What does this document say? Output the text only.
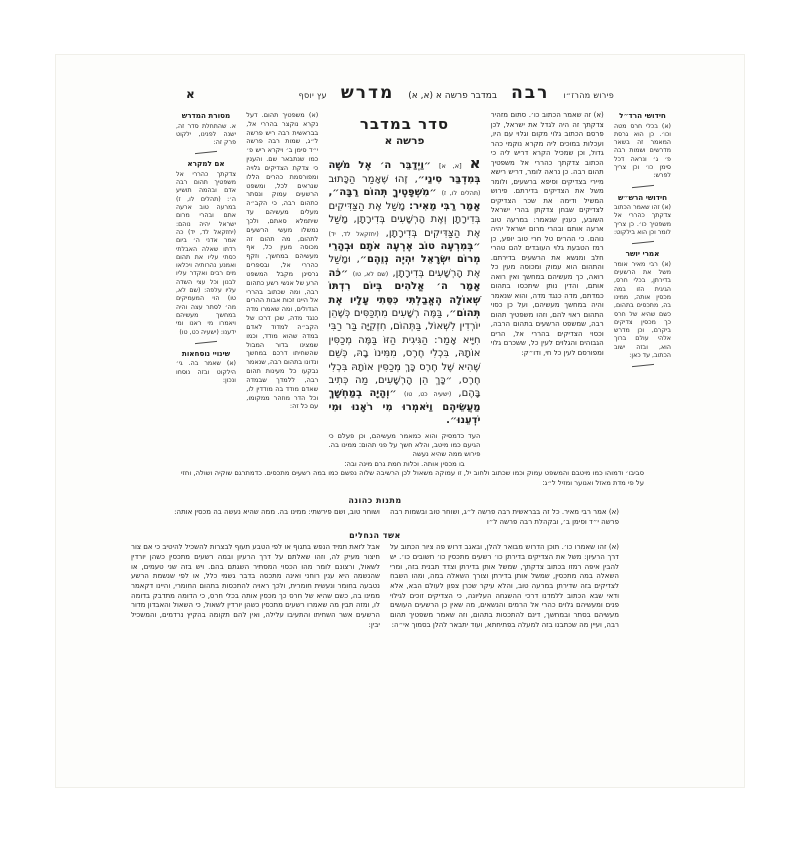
פירוש מהרז״ו
רבה
במדבר פרשה א (א, א)
מדרש
עץ יוסף
א
חידושי הרד״ל
(א) בכלי חרס מטה וכו׳. כן הוא גרסת המאמר זה בשאר מדרשים ושמות רבה פ׳ ג׳ ונראה דכל סימן כו׳ וכן צריך לפרש:
חידושי הרש״ש
(א) זהו שאמר הכתוב צדקתך כהררי אל משפטיך כו׳. כן צריך לומר וכן הוא בילקוט:
אמרי יושר
(א) רבי מאיר אומר משל את הרשעים בדירתן, בכלי חרס, הגיגית הזו במה מכסין אותה, ממינו בה, מתכסים בתהום, כשם שהיא של חרס כך מכסין צדיקים ביקרם, וכן מדרש אלהי עולם ברוך הוא, ובזה ישוב הכתוב, עד כאן:
(א) זה שאמר הכתוב כו׳. סתום מזהיר צדקתך זה היה לגדל את ישראל, לכן פרסם הכתוב גלוי מקום וגלוי עם היו, ועכלות במוכים ליה מקרא נוקמי כהר גדול, וכן שמכיל הקרא דריש ליה כי הכתוב צדקתך כהררי אל משפטיך תהום רבה. כן נראה לומר, דריש רישא מיירי בצדיקים וסיפא ברשעים, ולומר משל את הצדיקים בדירתם. פירוש המשיל ודימה את שכר הצדיקים לצדיקים שבחן צדקתן בהרי ישראל השובע, כענין שנאמר: במרעה טוב ארעה אותם ובהרי מרום ישראל יהיה נוהם. כי ההרים טל חרי טוב יופע, כן רמז הטבעת גלוי העובדים להם טהרי חלב ומנשא את הרשעים בדירתם. והתהום הוא עמוק ומכוסה מעין כל רואה, כך מעשיהם במחשך ואין רואה אותם, והדין נותן שיתכסו בתהום כמדתם, מדה כנגד מדה, והוא שנאמר והיה במחשך מעשיהם, ועל כן כסוי התהום ראוי להם, וזהו משפטיך תהום רבה, שמשפט הרשעים בתהום הרבה, וכסוי הצדיקים בהררי אל, הרים הגבוהים והגלוים לעין כל, ששכרם גלוי ומפורסם לעין כל חי, ודו״ק:
סדר במדבר
פרשה א
א [א, א] ״וַיְדַבֵּר ה׳ אֶל מֹשֶׁה בְּמִדְבַּר סִינַי״, זֶהוּ שֶׁאָמַר הַכָּתוּב (תהלים לו, ז) ״מִשְׁפָּטֶיךָ תְּהוֹם רַבָּה״, אָמַר רַבִּי מֵאִיר: מָשַׁל אֶת הַצַּדִּיקִים בְּדִירָתָן וְאֶת הָרְשָׁעִים בְּדִירָתָן, מָשַׁל אֶת הַצַּדִּיקִים בְּדִירָתָן, (יחזקאל לד, יד) ״בְּמִרְעֶה טוֹב אֶרְעֶה אֹתָם וּבְהָרֵי מְרוֹם יִשְׂרָאֵל יִהְיֶה נְוֵהֶם״, וּמָשַׁל אֶת הָרְשָׁעִים בְּדִירָתָן, (שם לא, טו) ״כֹּה אָמַר ה׳ אֱלֹהִים בְּיוֹם רִדְתּוֹ שְׁאוֹלָה הֶאֱבַלְתִּי כִּסֵּתִי עָלָיו אֶת תְּהוֹם״, בַּמֶּה רְשָׁעִים מִתְכַּסִּים כְּשֶׁהֵן יוֹרְדִין לִשְׁאוֹל, בַּתְּהוֹם, חִזְקִיָּה בַּר רַבִּי חִיָּיא אָמַר: הַגִּיגִית הַזּוֹ בַּמֶּה מְכַסִּין אוֹתָהּ, בִּכְלִי חֶרֶס, מִמִּינוֹ בָהּ, כְּשֵׁם שֶׁהִיא שֶׁל חֶרֶס כָּךְ מְכַסִּין אוֹתָהּ בִּכְלִי חֶרֶס, ״כָּךְ הֵן הָרְשָׁעִים, מַה כְּתִיב בָּהֶם, (ישעיה כט, טו) ״וְהָיָה בְמַחְשָׁךְ מַעֲשֵׂיהֶם וַיֹּאמְרוּ מִי רֹאָנוּ וּמִי יֹדְעֵנוּ״.
העד כדמסיק והוא כמאמר מעשיהם, וכן פעלם כי הגיעם כמו מיטב, והלא חשך על פני תהום: ממינו בה. פירוש ממה שהיא נעשה
בו מכסין אותה. וכלות חמת גרם מינה ובה:
(א) משפטיך תהום. דעל נקרא נוקצר בהררי אל, בבראשית רבה ריש פרשה ל״ג, שמות רבה פרשה י״ד סימן ב׳ ויקרא ריש פ׳ כמו שנתבאר שם. והענין כי צדקת הצדיקים גלויה ומפורסמת כהרים הללו שנראים לכל, ומשפט הרשעים עמוק ונסתר כתהום רבה, כי הקב״ה מעלים מעשיהם עד שיתמלא סאתם, ולכך נמשלו מעשי הרשעים לתהום, מה תהום זה מכוסה מעין כל, אף מעשיהם במחשך, וזקף כהררי אל, ובספרים גרסינן מקבל המשפט הרע של אנשי רשע כתהום רבה, ומה שכתוב בהררי אל היינו זכות אבות ההרים הגדולים, ומה שאמרו מדה כנגד מדה, שכן דרכו של הקב״ה למדוד לאדם במדה שהוא מודד, וכמו שמצינו בדור המבול שהשחיתו דרכם במחשך ונדונו בתהום רבה, שנאמר נבקעו כל מעינות תהום רבה, ללמדך שבמדה שאדם מודד בה מודדין לו, וכל הדר מוזהר ממקומו, עם כל זה:
מסורת המדרש
א. שהתחלת סדר זה, ישנה לפנינו, ילקוט פרק זה:
אם למקרא
צדקתך כהררי אל משפטיך תהום רבה אדם ובהמה תושיע ה׳: (תהלים לו, ז) במרעה טוב ארעה אתם ובהרי מרום ישראל יהיה נוהם: (יחזקאל לד, יד) כה אמר אדני ה׳ ביום רדתו שאלה האבלתי כסתי עליו את תהום ואמנע נהרותיה ויכלאו מים רבים ואקדר עליו לבנון וכל עצי השדה עליו עלפה: (שם לא, טו) הוי המעמיקים מה׳ לסתר עצה והיה במחשך מעשיהם ויאמרו מי ראנו ומי ידענו: (ישעיה כט, טו)
שינויי נוסחאות
(א) שאמר בה. גי׳ הילקוט ובזה נוסחו ונכון:
סביבו׳ ודמוהו כמו מיטבם והמשפט עמוק וכמו שכתוב ולחוב יל, זו עמוקה משאול לכן הרשיבה שלוה נפשם כמו במה רשעים מתכסים. כדמתרגם שוקיה ושולה, וחזי על פי מדת מאזל ואנוער ומזיל ל״ג:
מתנות כהונה
(א) אמר רבי מאיר. כל זה בבראשית רבה פרשה ל״ג, ושוחר טוב ובשמות רבה פרשה י״ד וסימן ב׳, ובקהלת רבה פרשה ל״ו
ושוחר טוב, ושם פירשתי: ממינו בה. ממה שהיא נעשה בה מכסין אותה:
אשד הנחלים
(א) זהו שאמרו כו׳. תוכן הדרוש מבואר להלן, ובאגב דרוש פה ציור הכתוב על דרך הרעיון: משל את הצדיקים בדירתן כו׳ רשעים מתכסין כו׳ חשובים כו׳. יש להבין איפה רמזו בכתוב צדקתך, שמשל אותן בדירתן וצדד תבנית בזה, ומרי השאלה במה מתכסין, שמשל אותן בדירתן וצורך השאלה במה, ומהו השבח לצדיקים בזה שדירתן במרעה טוב, והלא עיקר שכרן צפון לעולם הבא, אלא ודאי שבא הכתוב ללמדנו דרכי ההשגחה העליונה, כי הצדיקים זוכים לגילוי פנים ומעשיהם גלוים כהרי אל הרמים והנשאים, מה שאין כן הרשעים העושים מעשיהם בסתר ובמחשך, דינם להתכסות בתהום, וזה שאמר משפטיך תהום רבה, ועיין מה שכתבנו בזה למעלה בפתיחתא, ועוד יתבאר להלן בסמוך אי״ה:
אבל לזאת תמיד הנפש בתגוף או לפי הטבע תעוף לבצרות להשכיל להיטיב כי אם צור חיצור מעיק לה, וזהו שאלתם על דרך הרעיון ובמה רשעים מתכסין כשהן יורדין לשאול, ורצונם לומר מהו הכסוי המסתיר השגתם בהם. ויש בזה שני טעמים, או שהנשמה היא ענין רוחני ואינה מתכסה בדבר גשמי כלל, או לפי שנשמת הרשע נטבעה בחומר ונעשית חומרית, ולכך ראויה להתכסות בתהום החומרי, והיינו דקאמר ממינו בה, כשם שהיא של חרס כך מכסין אותה בכלי חרס, כי הדומה מתדבק בדומה לו, ומזה תבין מה שאמרו רשעים מתכסין כשהן יורדין לשאול, כי השאול והאבדון מדור הרשעים אשר השחיתו והתעיבו עלילה, ואין להם תקומה בהקיץ נרדמים, והמשכיל יבין:
